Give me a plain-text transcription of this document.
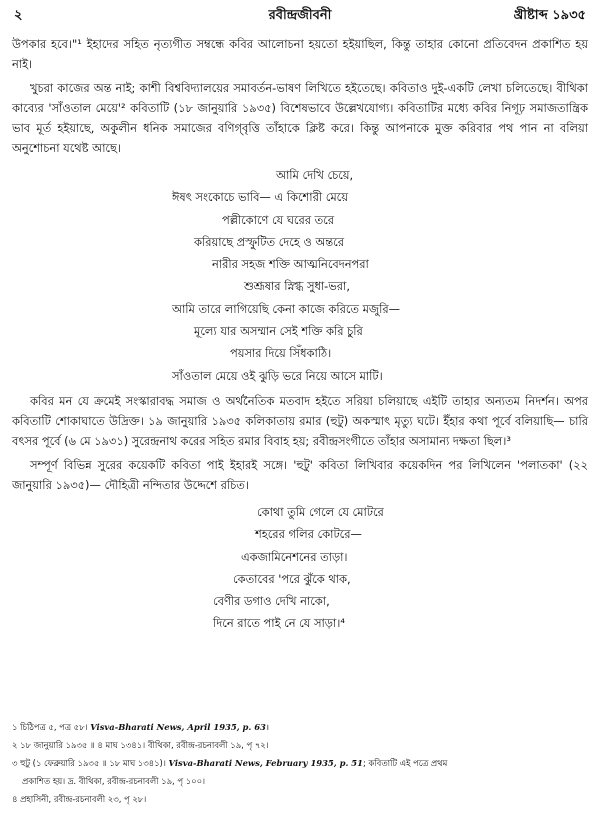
২	রবীন্দ্রজীবনী	খ্রীষ্টাব্দ ১৯৩৫

উপকার হবে।"¹ ইহাদের সহিত নৃত্যগীত সম্বন্ধে কবির আলোচনা হয়তো হইয়াছিল, কিন্তু তাহার কোনো প্রতিবেদন প্রকাশিত হয় নাই।

খুচরা কাজের অন্ত নাই; কাশী বিশ্ববিদ্যালয়ের সমাবর্তন-ভাষণ লিখিতে হইতেছে। কবিতাও দুই-একটি লেখা চলিতেছে। বীথিকা কাব্যের 'সাঁওতাল মেয়ে'² কবিতাটি (১৮ জানুয়ারি ১৯৩৫) বিশেষভাবে উল্লেখযোগ্য। কবিতাটির মধ্যে কবির নিগূঢ় সমাজতান্ত্রিক ভাব মূর্ত হইয়াছে, অকুলীন ধনিক সমাজের বণিগ্‌বৃত্তি তাঁহাকে ক্লিষ্ট করে। কিন্তু আপনাকে মুক্ত করিবার পথ পান না বলিয়া অনুশোচনা যথেষ্ট আছে।

আমি দেখি চেয়ে,
ঈষৎ সংকোচে ভাবি— এ কিশোরী মেয়ে
পল্লীকোণে যে ঘরের তরে
করিয়াছে প্রস্ফুটিত দেহে ও অন্তরে
নারীর সহজ শক্তি আত্মনিবেদনপরা
শুশ্রূষার স্নিগ্ধ সুধা-ভরা,
আমি তারে লাগিয়েছি কেনা কাজে করিতে মজুরি—
মূল্যে যার অসম্মান সেই শক্তি করি চুরি
পয়সার দিয়ে সিঁধকাঠি।
সাঁওতাল মেয়ে ওই ঝুড়ি ভরে নিয়ে আসে মাটি।

কবির মন যে ক্রমেই সংস্কারাবদ্ধ সমাজ ও অর্থনৈতিক মতবাদ হইতে সরিয়া চলিয়াছে এইটি তাহার অন্যতম নিদর্শন। অপর কবিতাটি শোকাঘাতে উদ্রিক্ত। ১৯ জানুয়ারি ১৯৩৫ কলিকাতায় রমার (হুটু) অকস্মাৎ মৃত্যু ঘটে। ইঁহার কথা পূর্বে বলিয়াছি— চারি বৎসর পূর্বে (৬ মে ১৯৩১) সুরেন্দ্রনাথ করের সহিত রমার বিবাহ হয়; রবীন্দ্রসংগীতে তাঁহার অসামান্য দক্ষতা ছিল।³

সম্পূর্ণ বিভিন্ন সুরের কয়েকটি কবিতা পাই ইহারই সঙ্গে। 'হুটু' কবিতা লিখিবার কয়েকদিন পর লিখিলেন 'পলাতকা' (২২ জানুয়ারি ১৯৩৫)— দৌহিত্রী নন্দিতার উদ্দেশে রচিত।

কোথা তুমি গেলে যে মোটরে
শহরের গলির কোটরে—
একজামিনেশনের তাড়া।
কেতাবের 'পরে ঝুঁকে থাক,
বেণীর ডগাও দেখি নাকো,
দিনে রাতে পাই নে যে সাড়া।⁴

১ চিঠিপত্র ৫, পত্র ৫৮। Visva-Bharati News, April 1935, p. 63।

২ ১৮ জানুয়ারি ১৯৩৫ ॥ ৪ মাঘ ১৩৪১। বীথিকা, রবীন্দ্র-রচনাবলী ১৯, পৃ ৭২।

৩ হুটু (১ ফেব্রুয়ারি ১৯৩৫ ॥ ১৮ মাঘ ১৩৪১)। Visva-Bharati News, February 1935, p. 51; কবিতাটি এই পত্রে প্রথম

প্রকাশিত হয়। দ্র. বীথিকা, রবীন্দ্র-রচনাবলী ১৯, পৃ ১০০।

৪ প্রহাসিনী, রবীন্দ্র-রচনাবলী ২৩, পৃ ২৮।
